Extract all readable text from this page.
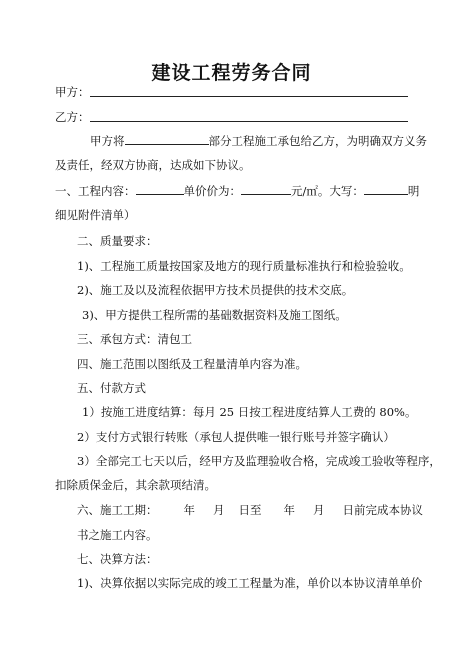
建设工程劳务合同
甲方：
乙方：
甲方将	部分工程施工承包给乙方，为明确双方义务
及责任，经双方协商，达成如下协议。
一、工程内容：	单价价为：	元/㎡。大写：	明
细见附件清单）
二、质量要求：
1)、工程施工质量按国家及地方的现行质量标准执行和检验验收。
2)、施工及以及流程依据甲方技术员提供的技术交底。
3)、甲方提供工程所需的基础数据资料及施工图纸。
三、承包方式：清包工
四、施工范围以图纸及工程量清单内容为准。
五、付款方式
1）按施工进度结算：每月 25 日按工程进度结算人工费的 80%。
2）支付方式银行转账（承包人提供唯一银行账号并签字确认）
3）全部完工七天以后，经甲方及监理验收合格，完成竣工验收等程序，
扣除质保金后，其余款项结清。
六、施工工期： 年 月 日至 年 月 日前完成本协议
书之施工内容。
七、决算方法：
1)、决算依据以实际完成的竣工工程量为准，单价以本协议清单单价
